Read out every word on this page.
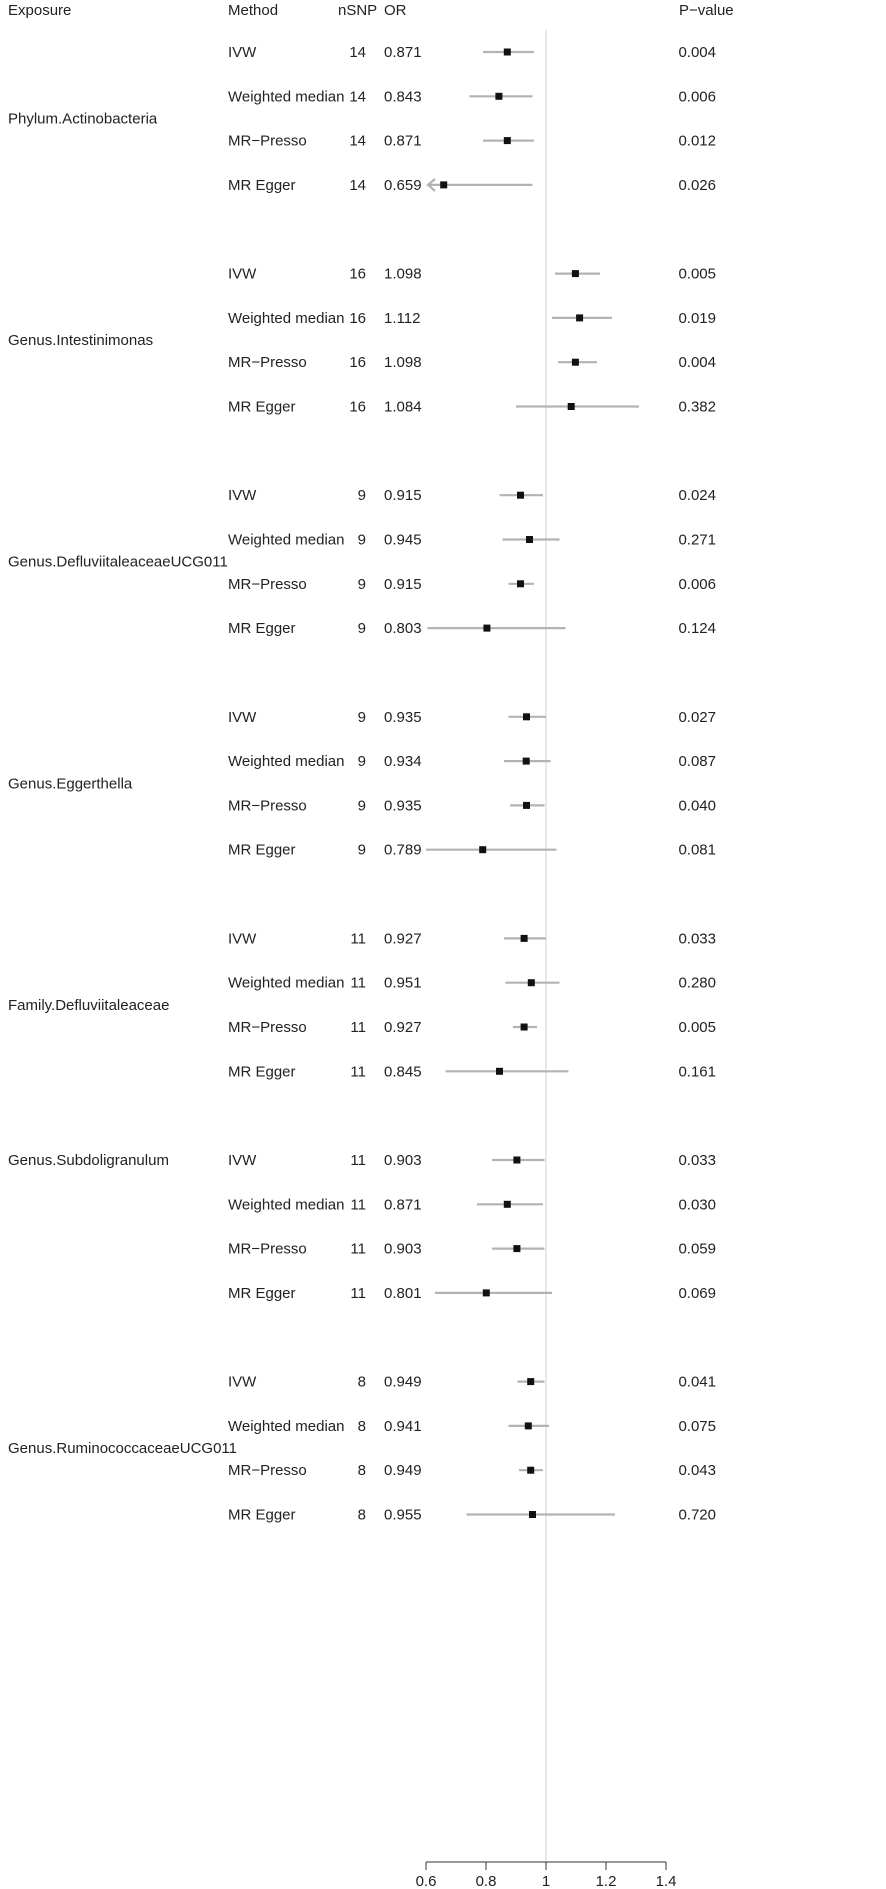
Exposure	Method	nSNP OR	P−value
Phylum.Actinobacteria
IVW	14 0.871	0.004
Weighted median 14 0.843	0.006
MR−Presso	14 0.871	0.012
MR Egger	14 0.659	0.026
Genus.Intestinimonas
IVW	16 1.098	0.005
Weighted median 16 1.112	0.019
MR−Presso	16 1.098	0.004
MR Egger	16 1.084	0.382
Genus.DefluviitaleaceaeUCG011
IVW	9 0.915	0.024
Weighted median 9 0.945	0.271
MR−Presso	9 0.915	0.006
MR Egger	9 0.803	0.124
Genus.Eggerthella
IVW	9 0.935	0.027
Weighted median 9 0.934	0.087
MR−Presso	9 0.935	0.040
MR Egger	9 0.789	0.081
Family.Defluviitaleaceae
IVW	11 0.927	0.033
Weighted median 11 0.951	0.280
MR−Presso	11 0.927	0.005
MR Egger	11 0.845	0.161
Genus.Subdoligranulum	IVW	11 0.903	0.033
Weighted median 11 0.871	0.030
MR−Presso	11 0.903	0.059
MR Egger	11 0.801	0.069
Genus.RuminococcaceaeUCG011
IVW	8 0.949	0.041
Weighted median 8 0.941	0.075
MR−Presso	8 0.949	0.043
MR Egger	8 0.955	0.720
0.6	0.8	1	1.2	1.4
